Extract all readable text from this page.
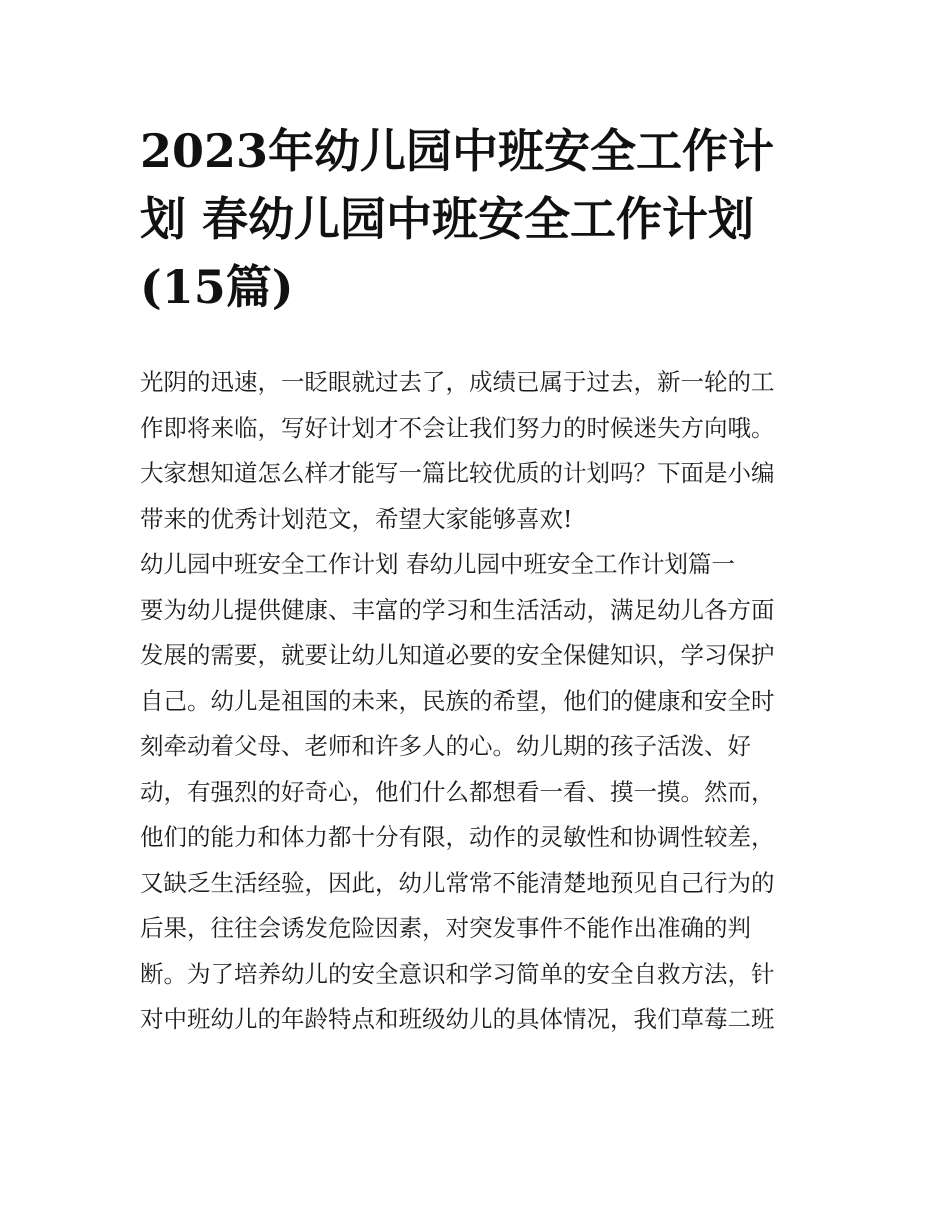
2023年幼儿园中班安全工作计
划 春幼儿园中班安全工作计划
(15篇)
光阴的迅速，一眨眼就过去了，成绩已属于过去，新一轮的工
作即将来临，写好计划才不会让我们努力的时候迷失方向哦。
大家想知道怎么样才能写一篇比较优质的计划吗？下面是小编
带来的优秀计划范文，希望大家能够喜欢!
幼儿园中班安全工作计划 春幼儿园中班安全工作计划篇一
要为幼儿提供健康、丰富的学习和生活活动，满足幼儿各方面
发展的需要，就要让幼儿知道必要的安全保健知识，学习保护
自己。幼儿是祖国的未来，民族的希望，他们的健康和安全时
刻牵动着父母、老师和许多人的心。幼儿期的孩子活泼、好
动，有强烈的好奇心，他们什么都想看一看、摸一摸。然而，
他们的能力和体力都十分有限，动作的灵敏性和协调性较差，
又缺乏生活经验，因此，幼儿常常不能清楚地预见自己行为的
后果，往往会诱发危险因素，对突发事件不能作出准确的判
断。为了培养幼儿的安全意识和学习简单的安全自救方法，针
对中班幼儿的年龄特点和班级幼儿的具体情况，我们草莓二班
